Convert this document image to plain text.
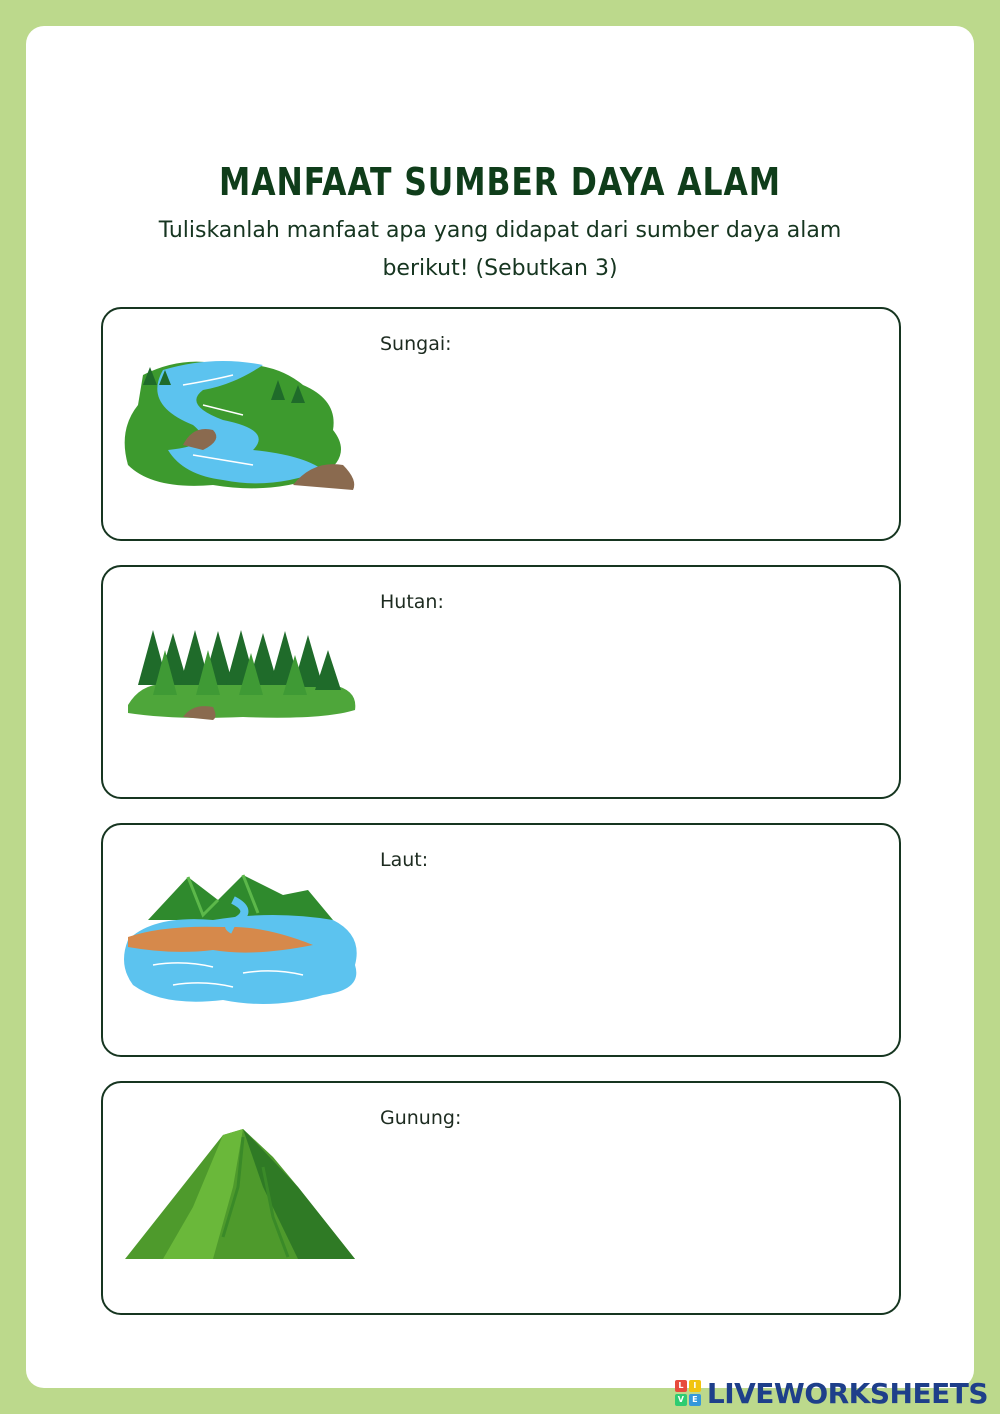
MANFAAT SUMBER DAYA ALAM
Tuliskanlah manfaat apa yang didapat dari sumber daya alam berikut! (Sebutkan 3)
Sungai:
Hutan:
Laut:
Gunung:
L	I
V	E LIVEWORKSHEETS
